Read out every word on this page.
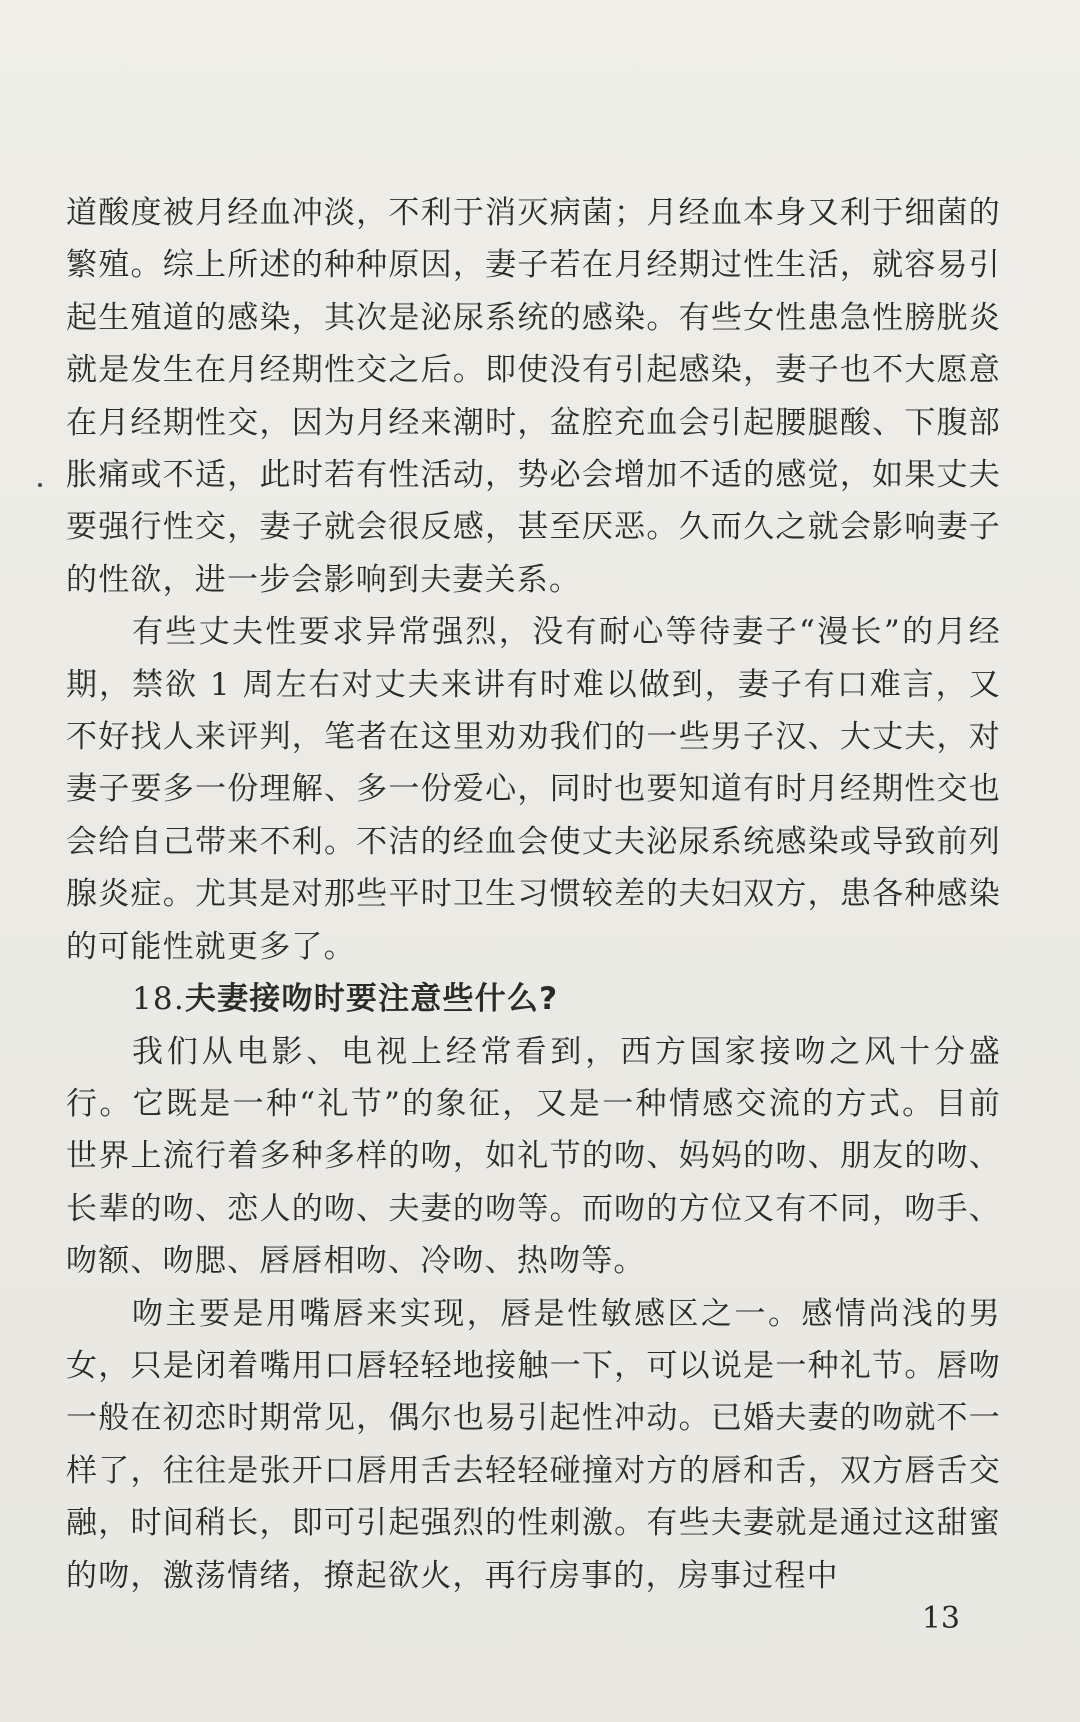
道酸度被月经血冲淡，不利于消灭病菌；月经血本身又利于细菌的繁殖。综上所述的种种原因，妻子若在月经期过性生活，就容易引起生殖道的感染，其次是泌尿系统的感染。有些女性患急性膀胱炎就是发生在月经期性交之后。即使没有引起感染，妻子也不大愿意在月经期性交，因为月经来潮时，盆腔充血会引起腰腿酸、下腹部胀痛或不适，此时若有性活动，势必会增加不适的感觉，如果丈夫要强行性交，妻子就会很反感，甚至厌恶。久而久之就会影响妻子的性欲，进一步会影响到夫妻关系。

有些丈夫性要求异常强烈，没有耐心等待妻子“漫长”的月经期，禁欲 1 周左右对丈夫来讲有时难以做到，妻子有口难言，又不好找人来评判，笔者在这里劝劝我们的一些男子汉、大丈夫，对妻子要多一份理解、多一份爱心，同时也要知道有时月经期性交也会给自己带来不利。不洁的经血会使丈夫泌尿系统感染或导致前列腺炎症。尤其是对那些平时卫生习惯较差的夫妇双方，患各种感染的可能性就更多了。

18.夫妻接吻时要注意些什么?

我们从电影、电视上经常看到，西方国家接吻之风十分盛行。它既是一种“礼节”的象征，又是一种情感交流的方式。目前世界上流行着多种多样的吻，如礼节的吻、妈妈的吻、朋友的吻、长辈的吻、恋人的吻、夫妻的吻等。而吻的方位又有不同，吻手、吻额、吻腮、唇唇相吻、冷吻、热吻等。

吻主要是用嘴唇来实现，唇是性敏感区之一。感情尚浅的男女，只是闭着嘴用口唇轻轻地接触一下，可以说是一种礼节。唇吻一般在初恋时期常见，偶尔也易引起性冲动。已婚夫妻的吻就不一样了，往往是张开口唇用舌去轻轻碰撞对方的唇和舌，双方唇舌交融，时间稍长，即可引起强烈的性刺激。有些夫妻就是通过这甜蜜的吻，激荡情绪，撩起欲火，再行房事的，房事过程中

13
